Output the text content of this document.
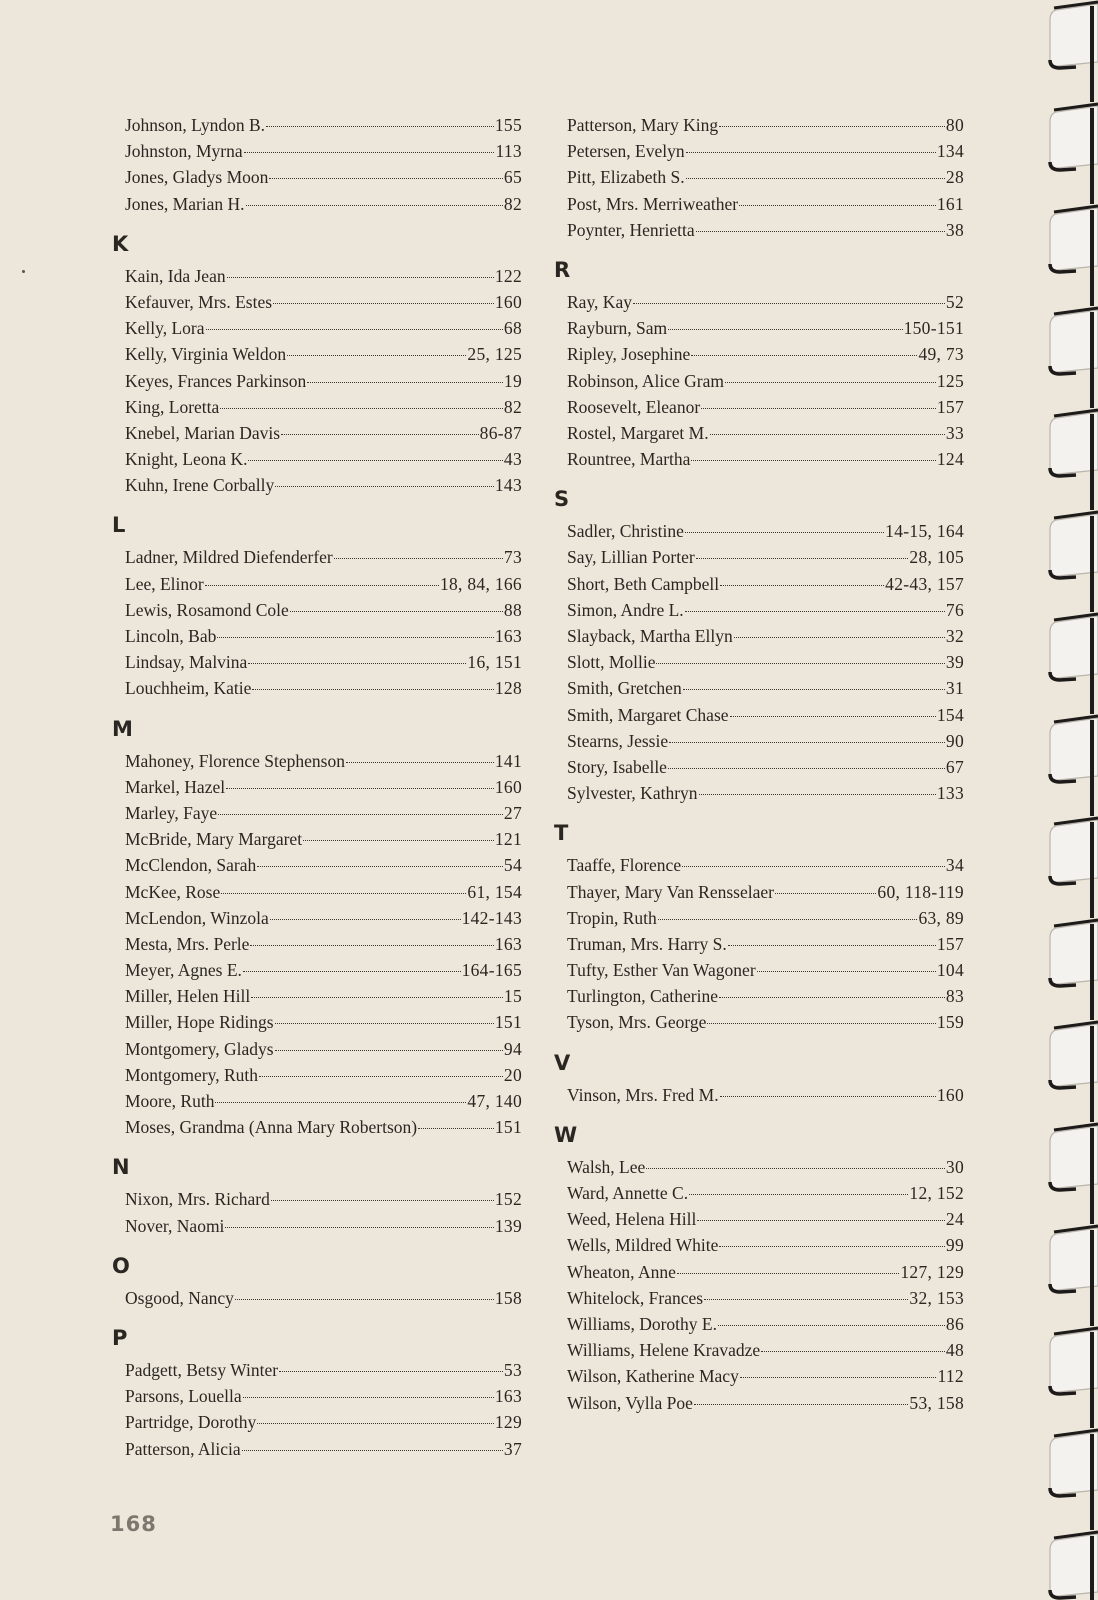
Johnson, Lyndon B.	155
Johnston, Myrna	113
Jones, Gladys Moon	65
Jones, Marian H.	82
K
Kain, Ida Jean	122
Kefauver, Mrs. Estes	160
Kelly, Lora	68
Kelly, Virginia Weldon	25, 125
Keyes, Frances Parkinson	19
King, Loretta	82
Knebel, Marian Davis	86-87
Knight, Leona K.	43
Kuhn, Irene Corbally	143
L
Ladner, Mildred Diefenderfer	73
Lee, Elinor	18, 84, 166
Lewis, Rosamond Cole	88
Lincoln, Bab	163
Lindsay, Malvina	16, 151
Louchheim, Katie	128
M
Mahoney, Florence Stephenson	141
Markel, Hazel	160
Marley, Faye	27
McBride, Mary Margaret	121
McClendon, Sarah	54
McKee, Rose	61, 154
McLendon, Winzola	142-143
Mesta, Mrs. Perle	163
Meyer, Agnes E.	164-165
Miller, Helen Hill	15
Miller, Hope Ridings	151
Montgomery, Gladys	94
Montgomery, Ruth	20
Moore, Ruth	47, 140
Moses, Grandma (Anna Mary Robertson)	151
N
Nixon, Mrs. Richard	152
Nover, Naomi	139
O
Osgood, Nancy	158
P
Padgett, Betsy Winter	53
Parsons, Louella	163
Partridge, Dorothy	129
Patterson, Alicia	37
Patterson, Mary King	80
Petersen, Evelyn	134
Pitt, Elizabeth S.	28
Post, Mrs. Merriweather	161
Poynter, Henrietta	38
R
Ray, Kay	52
Rayburn, Sam	150-151
Ripley, Josephine	49, 73
Robinson, Alice Gram	125
Roosevelt, Eleanor	157
Rostel, Margaret M.	33
Rountree, Martha	124
S
Sadler, Christine	14-15, 164
Say, Lillian Porter	28, 105
Short, Beth Campbell	42-43, 157
Simon, Andre L.	76
Slayback, Martha Ellyn	32
Slott, Mollie	39
Smith, Gretchen	31
Smith, Margaret Chase	154
Stearns, Jessie	90
Story, Isabelle	67
Sylvester, Kathryn	133
T
Taaffe, Florence	34
Thayer, Mary Van Rensselaer	60, 118-119
Tropin, Ruth	63, 89
Truman, Mrs. Harry S.	157
Tufty, Esther Van Wagoner	104
Turlington, Catherine	83
Tyson, Mrs. George	159
V
Vinson, Mrs. Fred M.	160
W
Walsh, Lee	30
Ward, Annette C.	12, 152
Weed, Helena Hill	24
Wells, Mildred White	99
Wheaton, Anne	127, 129
Whitelock, Frances	32, 153
Williams, Dorothy E.	86
Williams, Helene Kravadze	48
Wilson, Katherine Macy	112
Wilson, Vylla Poe	53, 158
168
